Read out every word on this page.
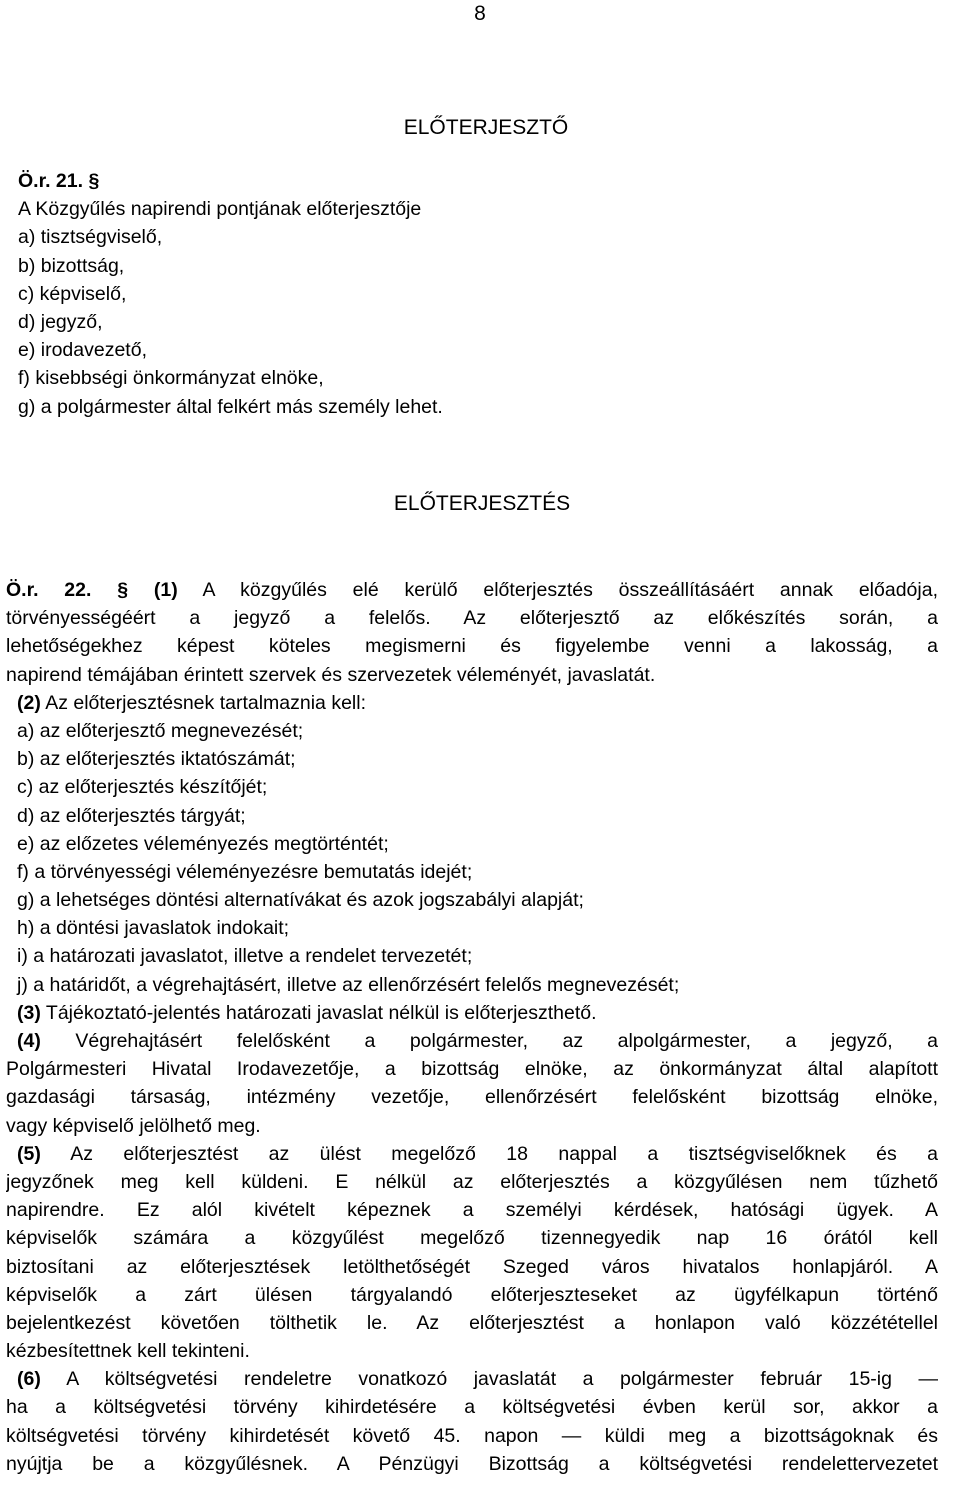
8
ELŐTERJESZTŐ
Ö.r. 21. §
A Közgyűlés napirendi pontjának előterjesztője
a) tisztségviselő,
b) bizottság,
c) képviselő,
d) jegyző,
e) irodavezető,
f) kisebbségi önkormányzat elnöke,
g) a polgármester által felkért más személy lehet.
ELŐTERJESZTÉS
Ö.r. 22. § (1) A közgyűlés elé kerülő előterjesztés összeállításáért annak előadója,
törvényességéért a jegyző a felelős. Az előterjesztő az előkészítés során, a
lehetőségekhez képest köteles megismerni és figyelembe venni a lakosság, a
napirend témájában érintett szervek és szervezetek véleményét, javaslatát.
(2) Az előterjesztésnek tartalmaznia kell:
a) az előterjesztő megnevezését;
b) az előterjesztés iktatószámát;
c) az előterjesztés készítőjét;
d) az előterjesztés tárgyát;
e) az előzetes véleményezés megtörténtét;
f) a törvényességi véleményezésre bemutatás idejét;
g) a lehetséges döntési alternatívákat és azok jogszabályi alapját;
h) a döntési javaslatok indokait;
i) a határozati javaslatot, illetve a rendelet tervezetét;
j) a határidőt, a végrehajtásért, illetve az ellenőrzésért felelős megnevezését;
(3) Tájékoztató-jelentés határozati javaslat nélkül is előterjeszthető.
(4) Végrehajtásért felelősként a polgármester, az alpolgármester, a jegyző, a
Polgármesteri Hivatal Irodavezetője, a bizottság elnöke, az önkormányzat által alapított
gazdasági társaság, intézmény vezetője, ellenőrzésért felelősként bizottság elnöke,
vagy képviselő jelölhető meg.
(5) Az előterjesztést az ülést megelőző 18 nappal a tisztségviselőknek és a
jegyzőnek meg kell küldeni. E nélkül az előterjesztés a közgyűlésen nem tűzhető
napirendre. Ez alól kivételt képeznek a személyi kérdések, hatósági ügyek. A
képviselők számára a közgyűlést megelőző tizennegyedik nap 16 órától kell
biztosítani az előterjesztések letölthetőségét Szeged város hivatalos honlapjáról. A
képviselők a zárt ülésen tárgyalandó előterjeszteseket az ügyfélkapun történő
bejelentkezést követően tölthetik le. Az előterjesztést a honlapon való közzététellel
kézbesítettnek kell tekinteni.
(6) A költségvetési rendeletre vonatkozó javaslatát a polgármester február 15-ig —
ha a költségvetési törvény kihirdetésére a költségvetési évben kerül sor, akkor a
költségvetési törvény kihirdetését követő 45. napon — küldi meg a bizottságoknak és
nyújtja be a közgyűlésnek. A Pénzügyi Bizottság a költségvetési rendelettervezetet
